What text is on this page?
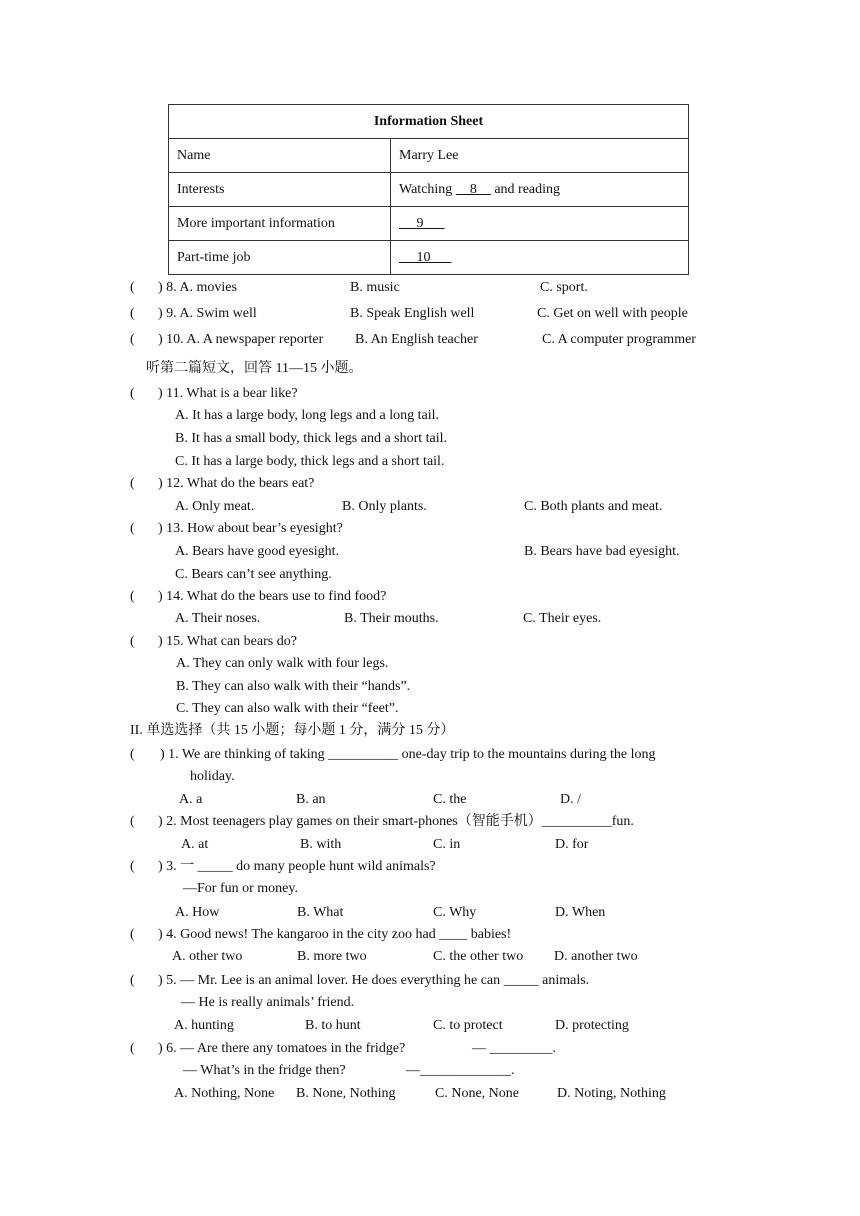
Information Sheet	
Name	Marry Lee
Interests	Watching     8     and reading
More important information	9
Part-time job	10
( ) 8. A. movies	B. music	C. sport.
( ) 9. A. Swim well	B. Speak English well	C. Get on well with people
( ) 10. A. A newspaper reporter B. An English teacher	C. A computer programmer
听第二篇短文，回答 11—15 小题。
( ) 11. What is a bear like?
A. It has a large body, long legs and a long tail.
B. It has a small body, thick legs and a short tail.
C. It has a large body, thick legs and a short tail.
( ) 12. What do the bears eat?
A. Only meat.	B. Only plants.	C. Both plants and meat.
( ) 13. How about bear’s eyesight?
A. Bears have good eyesight.	B. Bears have bad eyesight.
C. Bears can’t see anything.
( ) 14. What do the bears use to find food?
A. Their noses.	B. Their mouths.	C. Their eyes.
( ) 15. What can bears do?
A. They can only walk with four legs.
B. They can also walk with their “hands”.
C. They can also walk with their “feet”.
II. 单选选择（共 15 小题；每小题 1 分，满分 15 分）
( ) 1. We are thinking of taking __________ one-day trip to the mountains during the long
holiday.
A. a	B. an	C. the	D. /
( ) 2. Most teenagers play games on their smart-phones（智能手机）__________fun.
A. at	B. with	C. in	D. for
( ) 3. 一 _____ do many people hunt wild animals?
—For fun or money.
A. How	B. What	C. Why	D. When
( ) 4. Good news! The kangaroo in the city zoo had ____ babies!
A. other two	B. more two	C. the other two D. another two
( ) 5. — Mr. Lee is an animal lover. He does everything he can _____ animals.
— He is really animals’ friend.
A. hunting	B. to hunt	C. to protect	D. protecting
( ) 6. — Are there any tomatoes in the fridge?	— _________.
— What’s in the fridge then?	—_____________.
A. Nothing, None B. None, Nothing	C. None, None	D. Noting, Nothing
